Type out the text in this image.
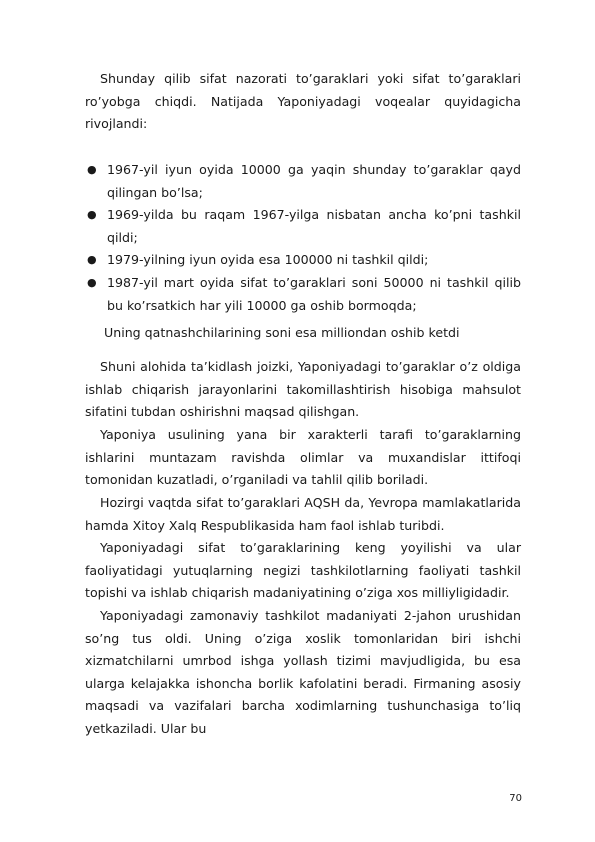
Shunday qilib sifat nazorati to’garaklari yoki sifat to’garaklari ro’yobga chiqdi. Natijada Yaponiyadagi voqealar quyidagicha rivojlandi:

● 1967-yil iyun oyida 10000 ga yaqin shunday to’garaklar qayd qilingan bo’lsa;
● 1969-yilda bu raqam 1967-yilga nisbatan ancha ko’pni tashkil qildi;
● 1979-yilning iyun oyida esa 100000 ni tashkil qildi;
● 1987-yil mart oyida sifat to’garaklari soni 50000 ni tashkil qilib bu ko’rsatkich har yili 10000 ga oshib bormoqda;

Uning qatnashchilarining soni esa milliondan oshib ketdi

Shuni alohida ta’kidlash joizki, Yaponiyadagi to’garaklar o’z oldiga ishlab chiqarish jarayonlarini takomillashtirish hisobiga mahsulot sifatini tubdan oshirishni maqsad qilishgan.

Yaponiya usulining yana bir xarakterli tarafi to’garaklarning ishlarini muntazam ravishda olimlar va muxandislar ittifoqi tomonidan kuzatladi, o’rganiladi va tahlil qilib boriladi.

Hozirgi vaqtda sifat to’garaklari AQSH da, Yevropa mamlakatlarida hamda Xitoy Xalq Respublikasida ham faol ishlab turibdi.

Yaponiyadagi sifat to’garaklarining keng yoyilishi va ular faoliyatidagi yutuqlarning negizi tashkilotlarning faoliyati tashkil topishi va ishlab chiqarish madaniyatining o’ziga xos milliyligidadir.

Yaponiyadagi zamonaviy tashkilot madaniyati 2-jahon urushidan so’ng tus oldi. Uning o’ziga xoslik tomonlaridan biri ishchi xizmatchilarni umrbod ishga yollash tizimi mavjudligida, bu esa ularga kelajakka ishoncha borlik kafolatini beradi. Firmaning asosiy maqsadi va vazifalari barcha xodimlarning tushunchasiga to’liq yetkaziladi. Ular bu

70
